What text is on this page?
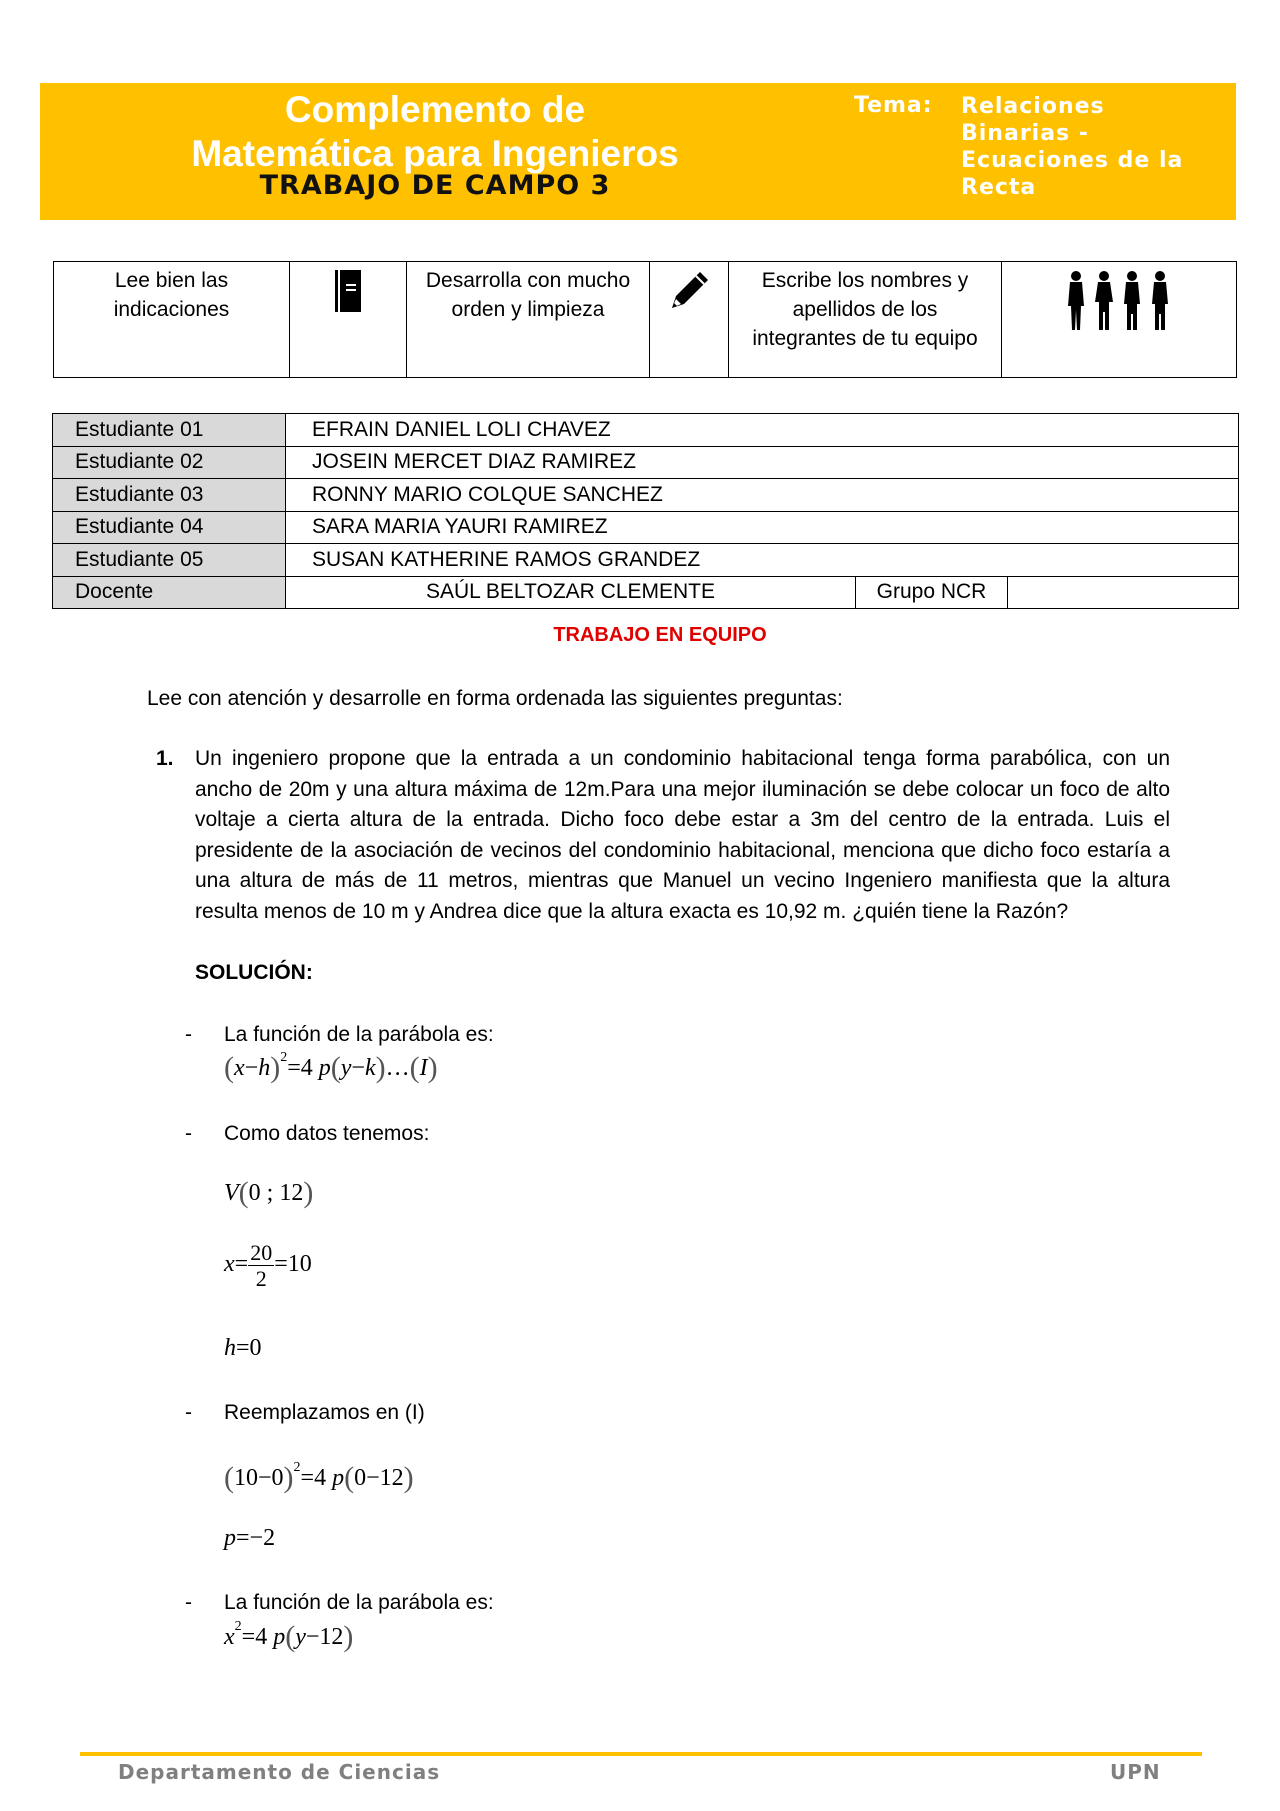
Complemento de
Matemática para Ingenieros
TRABAJO DE CAMPO 3
Tema: Relaciones
Binarias -
Ecuaciones de la
Recta
Lee bien las indicaciones

Desarrolla con mucho orden y limpieza

Escribe los nombres y apellidos de los integrantes de tu equipo

Estudiante 01	EFRAIN DANIEL LOLI CHAVEZ		
Estudiante 02	JOSEIN MERCET DIAZ RAMIREZ		
Estudiante 03	RONNY MARIO COLQUE SANCHEZ		
Estudiante 04	SARA MARIA YAURI RAMIREZ		
Estudiante 05	SUSAN KATHERINE RAMOS GRANDEZ		
Docente	SAÚL BELTOZAR CLEMENTE	Grupo NCR	
TRABAJO EN EQUIPO
Lee con atención y desarrolle en forma ordenada las siguientes preguntas:
1. Un ingeniero propone que la entrada a un condominio habitacional tenga forma parabólica, con un ancho de 20m y una altura máxima de 12m.Para una mejor iluminación se debe colocar un foco de alto voltaje a cierta altura de la entrada. Dicho foco debe estar a 3m del centro de la entrada. Luis el presidente de la asociación de vecinos del condominio habitacional, menciona que dicho foco estaría a una altura de más de 11 metros, mientras que Manuel un vecino Ingeniero manifiesta que la altura resulta menos de 10 m y Andrea dice que la altura exacta es 10,92 m. ¿quién tiene la Razón?
SOLUCIÓN:
- La función de la parábola es:
$(x-h)^2=4$ p(y−k)…(I)
- Como datos tenemos:
V(0 ; 12)
$x= \frac{20}{2} =10$
h=0
- Reemplazamos en (I)
$(10-0)^2=4$ p(0−12)
p=−2
- La función de la parábola es:
$x^2=4$ p(y−12)
Departamento de Ciencias	UPN
